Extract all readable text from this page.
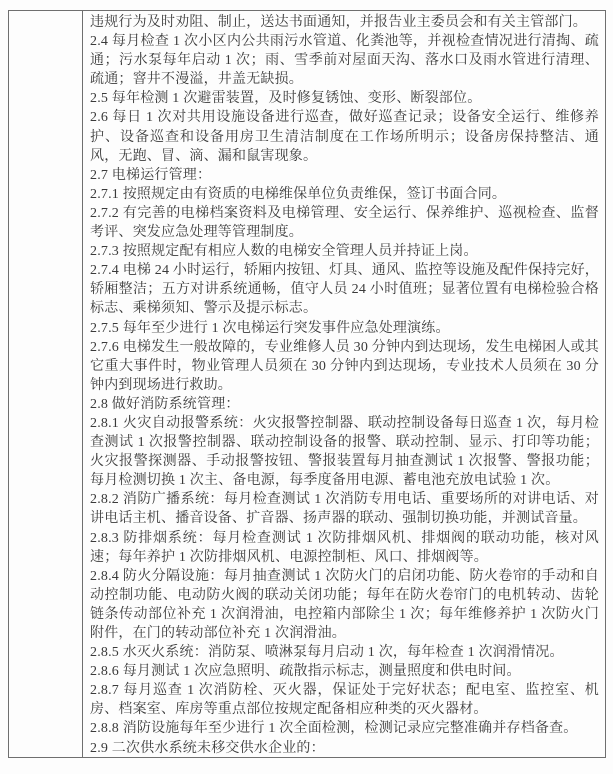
违规行为及时劝阻、制止，送达书面通知，并报告业主委员会和有关主管部门。

2.4 每月检查 1 次小区内公共雨污水管道、化粪池等，并视检查情况进行清掏、疏通；污水泵每年启动 1 次；雨、雪季前对屋面天沟、落水口及雨水管进行清理、疏通；窨井不漫溢，井盖无缺损。

2.5 每年检测 1 次避雷装置，及时修复锈蚀、变形、断裂部位。

2.6 每日 1 次对共用设施设备进行巡查，做好巡查记录；设备安全运行、维修养护、设备巡查和设备用房卫生清洁制度在工作场所明示；设备房保持整洁、通风，无跑、冒、滴、漏和鼠害现象。

2.7 电梯运行管理：

2.7.1 按照规定由有资质的电梯维保单位负责维保，签订书面合同。

2.7.2 有完善的电梯档案资料及电梯管理、安全运行、保养维护、巡视检查、监督考评、突发应急处理等管理制度。

2.7.3 按照规定配有相应人数的电梯安全管理人员并持证上岗。

2.7.4 电梯 24 小时运行，轿厢内按钮、灯具、通风、监控等设施及配件保持完好，轿厢整洁；五方对讲系统通畅，值守人员 24 小时值班；显著位置有电梯检验合格标志、乘梯须知、警示及提示标志。

2.7.5 每年至少进行 1 次电梯运行突发事件应急处理演练。

2.7.6 电梯发生一般故障的，专业维修人员 30 分钟内到达现场，发生电梯困人或其它重大事件时，物业管理人员须在 30 分钟内到达现场，专业技术人员须在 30 分钟内到现场进行救助。

2.8 做好消防系统管理：

2.8.1 火灾自动报警系统：火灾报警控制器、联动控制设备每日巡查 1 次，每月检查测试 1 次报警控制器、联动控制设备的报警、联动控制、显示、打印等功能；火灾报警探测器、手动报警按钮、警报装置每月抽查测试 1 次报警、警报功能；每月检测切换 1 次主、备电源，每季度备用电源、蓄电池充放电试验 1 次。

2.8.2 消防广播系统：每月检查测试 1 次消防专用电话、重要场所的对讲电话、对讲电话主机、播音设备、扩音器、扬声器的联动、强制切换功能，并测试音量。

2.8.3 防排烟系统：每月检查测试 1 次防排烟风机、排烟阀的联动功能，核对风速；每年养护 1 次防排烟风机、电源控制柜、风口、排烟阀等。

2.8.4 防火分隔设施：每月抽查测试 1 次防火门的启闭功能、防火卷帘的手动和自动控制功能、电动防火阀的联动关闭功能；每年在防火卷帘门的电机转动、齿轮链条传动部位补充 1 次润滑油，电控箱内部除尘 1 次；每年维修养护 1 次防火门附件，在门的转动部位补充 1 次润滑油。

2.8.5 水灭火系统：消防泵、喷淋泵每月启动 1 次，每年检查 1 次润滑情况。

2.8.6 每月测试 1 次应急照明、疏散指示标志，测量照度和供电时间。

2.8.7 每月巡查 1 次消防栓、灭火器，保证处于完好状态；配电室、监控室、机房、档案室、库房等重点部位按规定配备相应种类的灭火器材。

2.8.8 消防设施每年至少进行 1 次全面检测，检测记录应完整准确并存档备查。

2.9 二次供水系统未移交供水企业的：
